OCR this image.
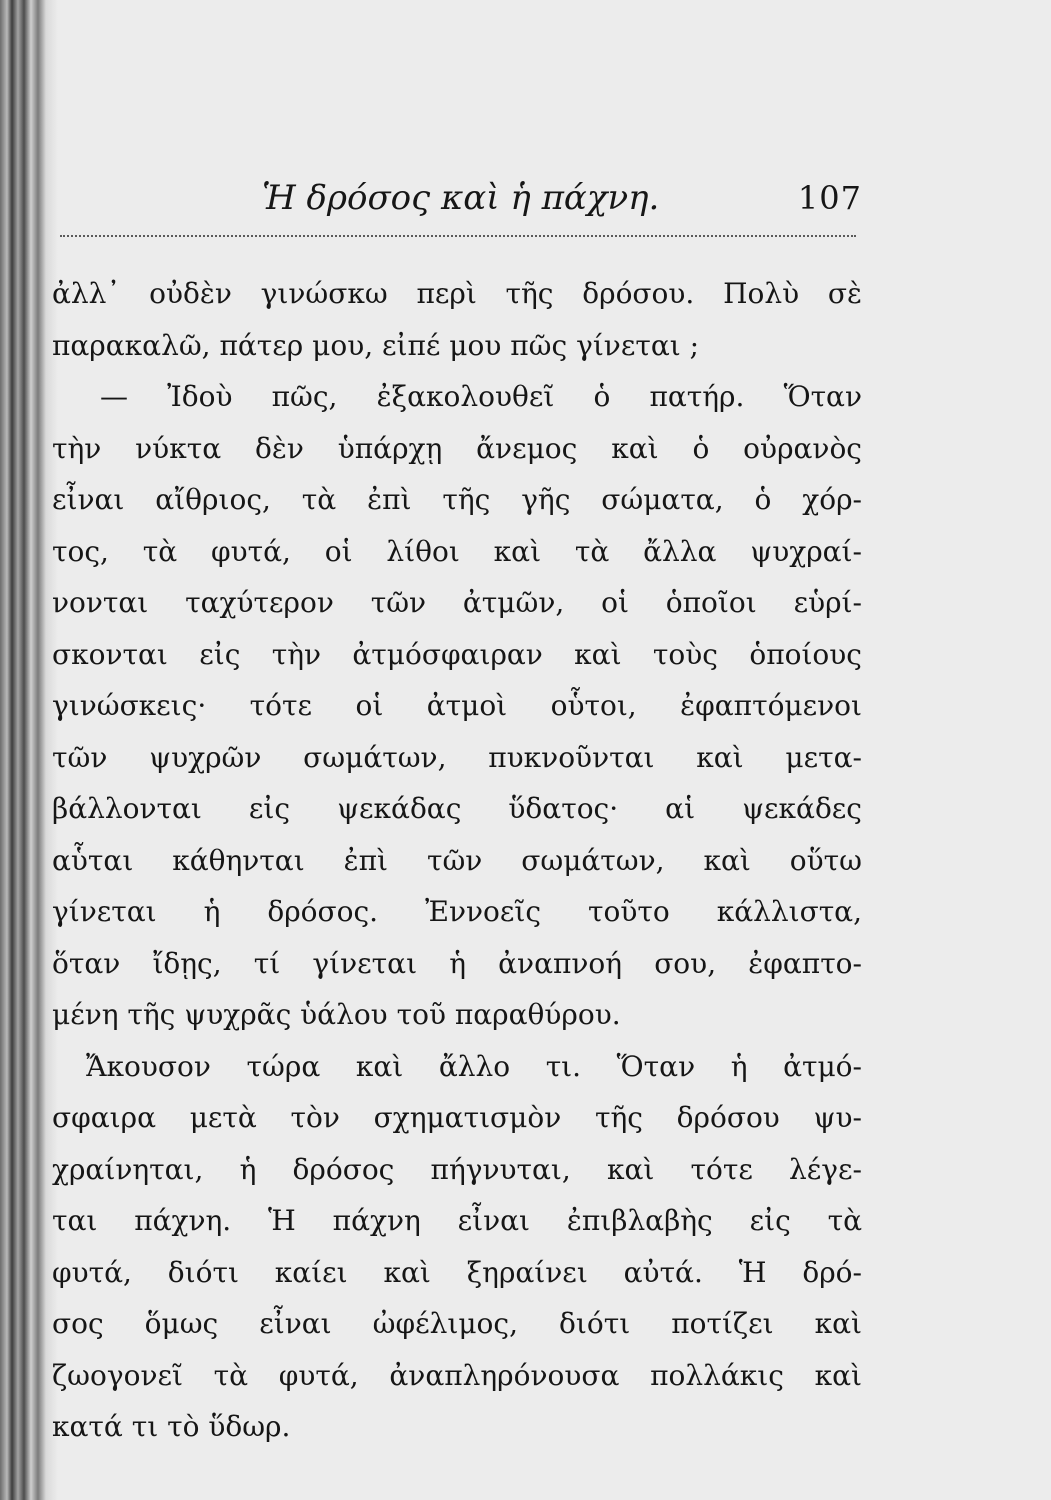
Ἡ δρόσος καὶ ἡ πάχνη.	107
ἀλλ᾽ οὐδὲν γινώσκω περὶ τῆς δρόσου. Πολὺ σὲ
παρακαλῶ, πάτερ μου, εἰπέ μου πῶς γίνεται ;
— Ἰδοὺ πῶς, ἐξακολουθεῖ ὁ πατήρ. Ὅταν
τὴν νύκτα δὲν ὑπάρχῃ ἄνεμος καὶ ὁ οὐρανὸς
εἶναι αἴθριος, τὰ ἐπὶ τῆς γῆς σώματα, ὁ χόρ-
τος, τὰ φυτά, οἱ λίθοι καὶ τὰ ἄλλα ψυχραί-
νονται ταχύτερον τῶν ἀτμῶν, οἱ ὁποῖοι εὑρί-
σκονται εἰς τὴν ἀτμόσφαιραν καὶ τοὺς ὁποίους
γινώσκεις· τότε οἱ ἀτμοὶ οὗτοι, ἐφαπτόμενοι
τῶν ψυχρῶν σωμάτων, πυκνοῦνται καὶ μετα-
βάλλονται εἰς ψεκάδας ὕδατος· αἱ ψεκάδες
αὗται κάθηνται ἐπὶ τῶν σωμάτων, καὶ οὕτω
γίνεται ἡ δρόσος. Ἐννοεῖς τοῦτο κάλλιστα,
ὅταν ἴδῃς, τί γίνεται ἡ ἀναπνοή σου, ἐφαπτο-
μένη τῆς ψυχρᾶς ὑάλου τοῦ παραθύρου.
Ἄκουσον τώρα καὶ ἄλλο τι. Ὅταν ἡ ἀτμό-
σφαιρα μετὰ τὸν σχηματισμὸν τῆς δρόσου ψυ-
χραίνηται, ἡ δρόσος πήγνυται, καὶ τότε λέγε-
ται πάχνη. Ἡ πάχνη εἶναι ἐπιβλαβὴς εἰς τὰ
φυτά, διότι καίει καὶ ξηραίνει αὐτά. Ἡ δρό-
σος ὅμως εἶναι ὠφέλιμος, διότι ποτίζει καὶ
ζωογονεῖ τὰ φυτά, ἀναπληρόνουσα πολλάκις καὶ
κατά τι τὸ ὕδωρ.
